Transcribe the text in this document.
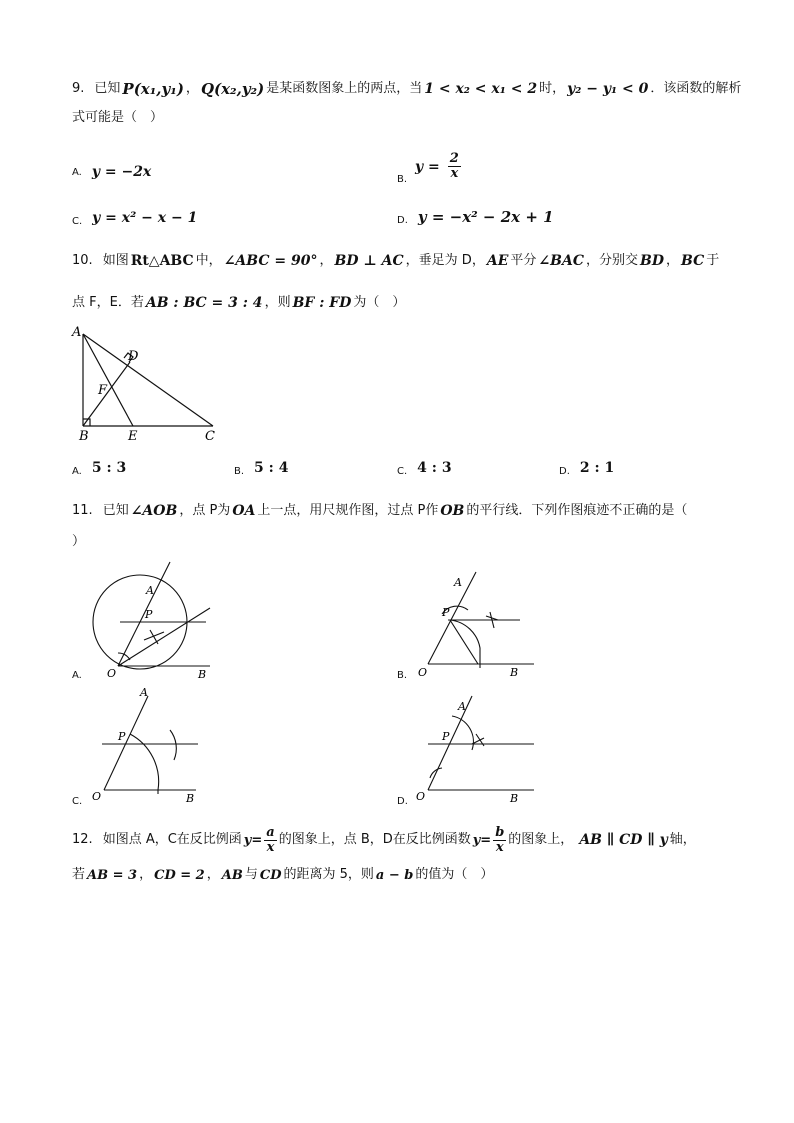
9. 已知 P(x₁,y₁) ， Q(x₂,y₂) 是某函数图象上的两点，当 1 < x₂ < x₁ < 2 时， y₂ − y₁ < 0 ．该函数的解析
式可能是（　）
A. y = −2x	B.
$y = \frac{2}{x}$
C. y = x² − x − 1	D. y = −x² − 2x + 1
10. 如图 Rt△ABC 中， ∠ABC = 90° ， BD ⊥ AC ，垂足为 D， AE 平分 ∠BAC ，分别交 BD ， BC 于
点 F，E．若 AB : BC = 3 : 4 ，则 BF : FD 为（　）
A
B	E	C
D
F
A. 5 : 3	B. 5 : 4	C. 4 : 3	D. 2 : 1
11. 已知 ∠AOB ，点 P为 OA 上一点，用尺规作图，过点 P作 OB 的平行线．下列作图痕迹不正确的是（
）
A. O	B
A
P
B. O	B
A
P
C. O	B
A
P
D. O	B
A
P
12. 如图点 A，C在反比例函 $y= \frac{a}{x}$ 的图象上，点 B，D在反比例函数 $y= \frac{b}{x}$ 的图象上， AB ∥ CD ∥ y 轴，
若 AB = 3 ， CD = 2 ， AB 与 CD 的距离为 5，则 a − b 的值为（　）
